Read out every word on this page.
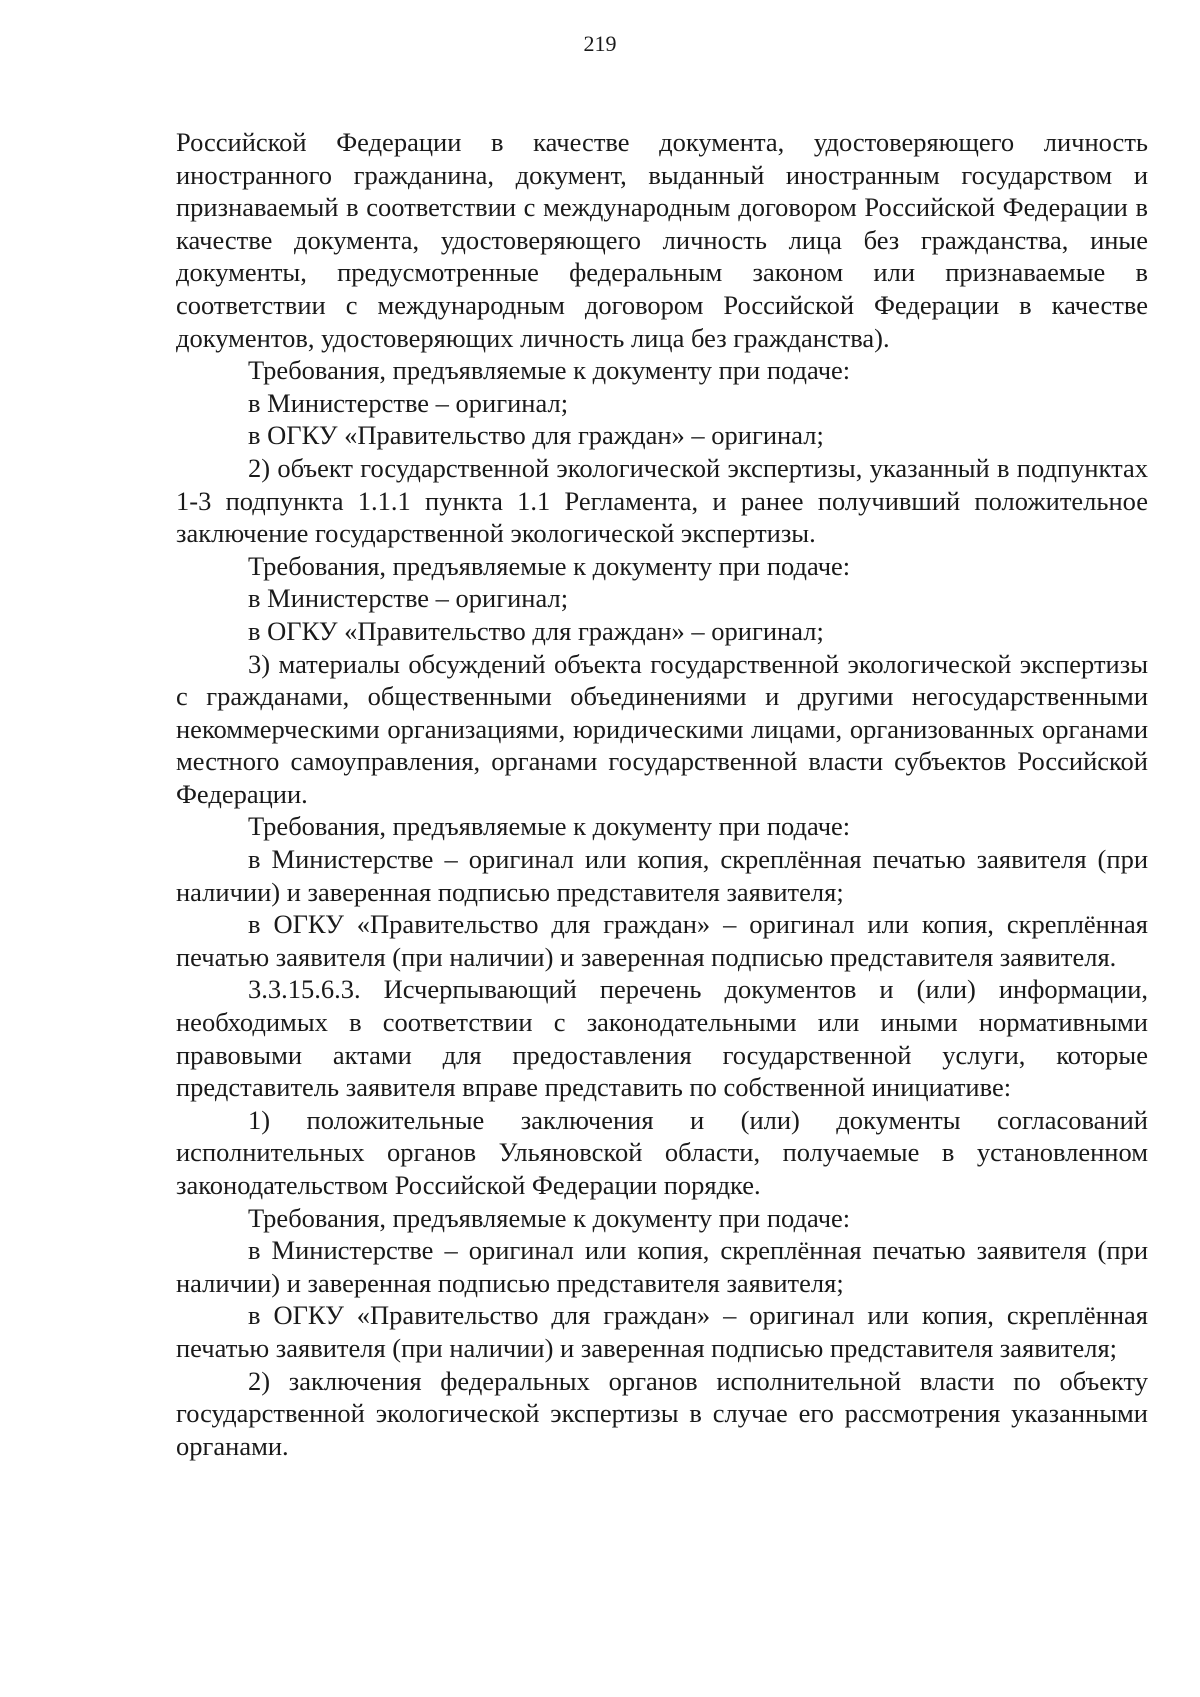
219

Российской Федерации в качестве документа, удостоверяющего личность иностранного гражданина, документ, выданный иностранным государством и признаваемый в соответствии с международным договором Российской Федерации в качестве документа, удостоверяющего личность лица без гражданства, иные документы, предусмотренные федеральным законом или признаваемые в соответствии с международным договором Российской Федерации в качестве документов, удостоверяющих личность лица без гражданства).

Требования, предъявляемые к документу при подаче:

в Министерстве – оригинал;

в ОГКУ «Правительство для граждан» – оригинал;

2) объект государственной экологической экспертизы, указанный в подпунктах 1-3 подпункта 1.1.1 пункта 1.1 Регламента, и ранее получивший положительное заключение государственной экологической экспертизы.

Требования, предъявляемые к документу при подаче:

в Министерстве – оригинал;

в ОГКУ «Правительство для граждан» – оригинал;

3) материалы обсуждений объекта государственной экологической экспертизы с гражданами, общественными объединениями и другими негосударственными некоммерческими организациями, юридическими лицами, организованных органами местного самоуправления, органами государственной власти субъектов Российской Федерации.

Требования, предъявляемые к документу при подаче:

в Министерстве – оригинал или копия, скреплённая печатью заявителя (при наличии) и заверенная подписью представителя заявителя;

в ОГКУ «Правительство для граждан» – оригинал или копия, скреплённая печатью заявителя (при наличии) и заверенная подписью представителя заявителя.

3.3.15.6.3. Исчерпывающий перечень документов и (или) информации, необходимых в соответствии с законодательными или иными нормативными правовыми актами для предоставления государственной услуги, которые представитель заявителя вправе представить по собственной инициативе:

1) положительные заключения и (или) документы согласований исполнительных органов Ульяновской области, получаемые в установленном законодательством Российской Федерации порядке.

Требования, предъявляемые к документу при подаче:

в Министерстве – оригинал или копия, скреплённая печатью заявителя (при наличии) и заверенная подписью представителя заявителя;

в ОГКУ «Правительство для граждан» – оригинал или копия, скреплённая печатью заявителя (при наличии) и заверенная подписью представителя заявителя;

2) заключения федеральных органов исполнительной власти по объекту государственной экологической экспертизы в случае его рассмотрения указанными органами.
